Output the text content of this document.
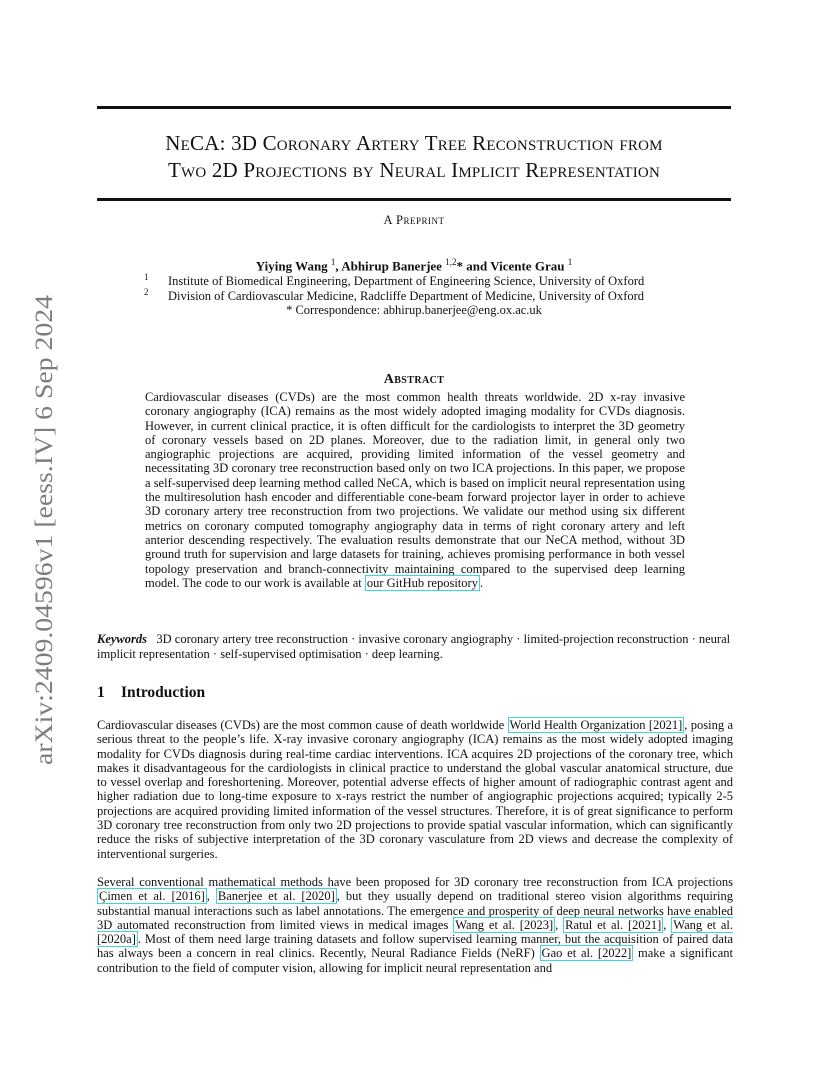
arXiv:2409.04596v1 [eess.IV] 6 Sep 2024
NeCA: 3D Coronary Artery Tree Reconstruction from
Two 2D Projections by Neural Implicit Representation
A Preprint
Yiying Wang $^1$, Abhirup Banerjee $^{1,2}$* and Vicente Grau $^1$
1 Institute of Biomedical Engineering, Department of Engineering Science, University of Oxford
2 Division of Cardiovascular Medicine, Radcliffe Department of Medicine, University of Oxford
* Correspondence: abhirup.banerjee@eng.ox.ac.uk
Abstract
Cardiovascular diseases (CVDs) are the most common health threats worldwide. 2D x-ray invasive coronary angiography (ICA) remains as the most widely adopted imaging modality for CVDs diagnosis. However, in current clinical practice, it is often difficult for the cardiologists to interpret the 3D geometry of coronary vessels based on 2D planes. Moreover, due to the radiation limit, in general only two angiographic projections are acquired, providing limited information of the vessel geometry and necessitating 3D coronary tree reconstruction based only on two ICA projections. In this paper, we propose a self-supervised deep learning method called NeCA, which is based on implicit neural representation using the multiresolution hash encoder and differentiable cone-beam forward projector layer in order to achieve 3D coronary artery tree reconstruction from two projections. We validate our method using six different metrics on coronary computed tomography angiography data in terms of right coronary artery and left anterior descending respectively. The evaluation results demonstrate that our NeCA method, without 3D ground truth for supervision and large datasets for training, achieves promising performance in both vessel topology preservation and branch-connectivity maintaining compared to the supervised deep learning model. The code to our work is available at our GitHub repository .
Keywords 3D coronary artery tree reconstruction · invasive coronary angiography · limited-projection reconstruction · neural implicit representation · self-supervised optimisation · deep learning.
1 Introduction
Cardiovascular diseases (CVDs) are the most common cause of death worldwide World Health Organization [2021] , posing a serious threat to the people’s life. X-ray invasive coronary angiography (ICA) remains as the most widely adopted imaging modality for CVDs diagnosis during real-time cardiac interventions. ICA acquires 2D projections of the coronary tree, which makes it disadvantageous for the cardiologists in clinical practice to understand the global vascular anatomical structure, due to vessel overlap and foreshortening. Moreover, potential adverse effects of higher amount of radiographic contrast agent and higher radiation due to long-time exposure to x-rays restrict the number of angiographic projections acquired; typically 2-5 projections are acquired providing limited information of the vessel structures. Therefore, it is of great significance to perform 3D coronary tree reconstruction from only two 2D projections to provide spatial vascular information, which can significantly reduce the risks of subjective interpretation of the 3D coronary vasculature from 2D views and decrease the complexity of interventional surgeries.
Several conventional mathematical methods have been proposed for 3D coronary tree reconstruction from ICA projections Çimen et al. [2016] , Banerjee et al. [2020] , but they usually depend on traditional stereo vision algorithms requiring substantial manual interactions such as label annotations. The emergence and prosperity of deep neural networks have enabled 3D automated reconstruction from limited views in medical images Wang et al. [2023] , Ratul et al. [2021] , Wang et al. [2020a] . Most of them need large training datasets and follow supervised learning manner, but the acquisition of paired data has always been a concern in real clinics. Recently, Neural Radiance Fields (NeRF) Gao et al. [2022] make a significant contribution to the field of computer vision, allowing for implicit neural representation and
